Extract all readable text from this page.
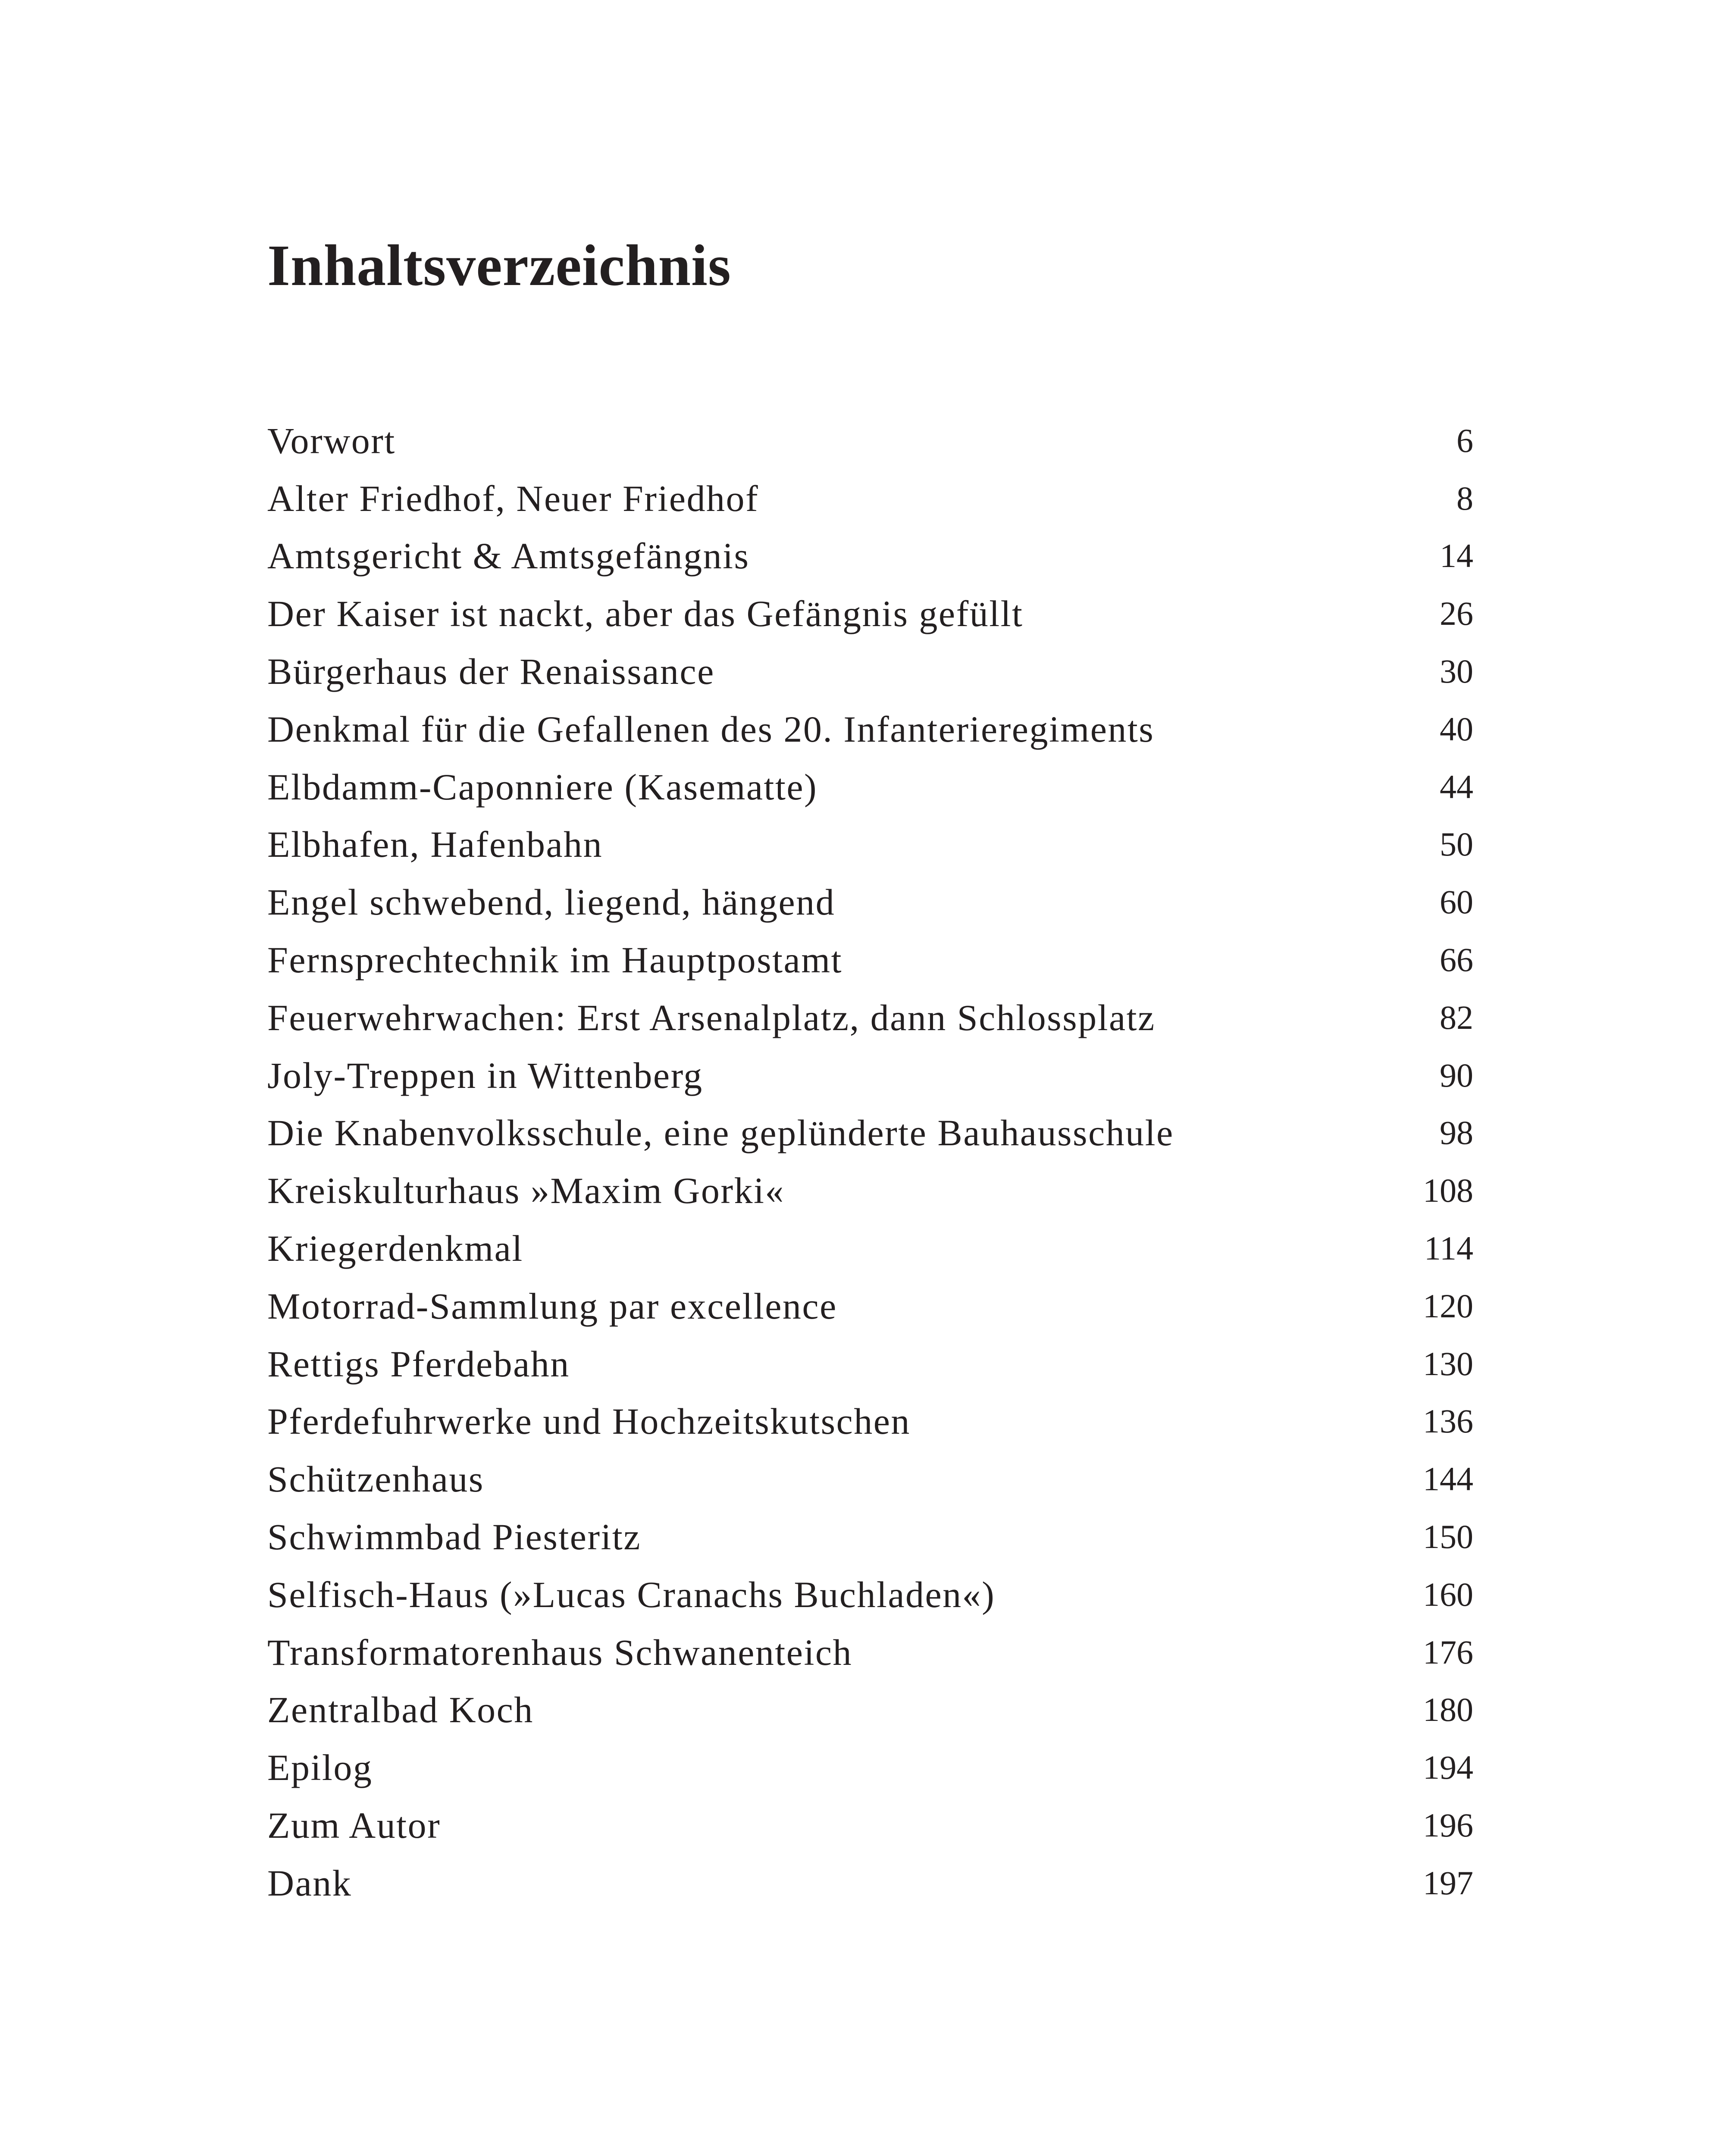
Inhaltsverzeichnis
Vorwort	6
Alter Friedhof, Neuer Friedhof	8
Amtsgericht & Amtsgefängnis	14
Der Kaiser ist nackt, aber das Gefängnis gefüllt	26
Bürgerhaus der Renaissance	30
Denkmal für die Gefallenen des 20. Infanterieregiments	40
Elbdamm-Caponniere (Kasematte)	44
Elbhafen, Hafenbahn	50
Engel schwebend, liegend, hängend	60
Fernsprechtechnik im Hauptpostamt	66
Feuerwehrwachen: Erst Arsenalplatz, dann Schlossplatz	82
Joly-Treppen in Wittenberg	90
Die Knabenvolksschule, eine geplünderte Bauhausschule	98
Kreiskulturhaus »Maxim Gorki«	108
Kriegerdenkmal	114
Motorrad-Sammlung par excellence	120
Rettigs Pferdebahn	130
Pferdefuhrwerke und Hochzeitskutschen	136
Schützenhaus	144
Schwimmbad Piesteritz	150
Selfisch-Haus (»Lucas Cranachs Buchladen«)	160
Transformatorenhaus Schwanenteich	176
Zentralbad Koch	180
Epilog	194
Zum Autor	196
Dank	197
